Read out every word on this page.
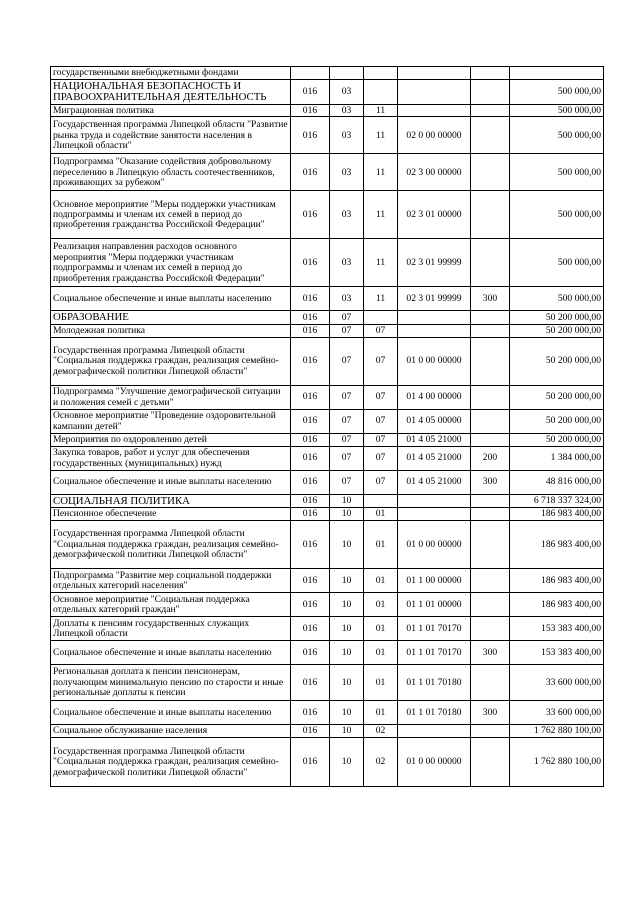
государственными внебюджетными фондами						
НАЦИОНАЛЬНАЯ БЕЗОПАСНОСТЬ И ПРАВООХРАНИТЕЛЬНАЯ ДЕЯТЕЛЬНОСТЬ	016	03				500 000,00
Миграционная политика	016	03	11			500 000,00
Государственная программа Липецкой области "Развитие рынка труда и содействие занятости населения в Липецкой области"	016	03	11	02 0 00 00000		500 000,00
Подпрограмма "Оказание содействия добровольному переселению в Липецкую область соотечественников, проживающих за рубежом"	016	03	11	02 3 00 00000		500 000,00
Основное мероприятие "Меры поддержки участникам подпрограммы и членам их семей в период до приобретения гражданства Российской Федерации"	016	03	11	02 3 01 00000		500 000,00
Реализация направления расходов основного мероприятия "Меры поддержки участникам подпрограммы и членам их семей в период до приобретения гражданства Российской Федерации"	016	03	11	02 3 01 99999		500 000,00
Социальное обеспечение и иные выплаты населению	016	03	11	02 3 01 99999	300	500 000,00
ОБРАЗОВАНИЕ	016	07				50 200 000,00
Молодежная политика	016	07	07			50 200 000,00
Государственная программа Липецкой области "Социальная поддержка граждан, реализация семейно-демографической политики Липецкой области"	016	07	07	01 0 00 00000		50 200 000,00
Подпрограмма "Улучшение демографической ситуации и положения семей с детьми"	016	07	07	01 4 00 00000		50 200 000,00
Основное мероприятие "Проведение оздоровительной кампании детей"	016	07	07	01 4 05 00000		50 200 000,00
Мероприятия по оздоровлению детей	016	07	07	01 4 05 21000		50 200 000,00
Закупка товаров, работ и услуг для обеспечения государственных (муниципальных) нужд	016	07	07	01 4 05 21000	200	1 384 000,00
Социальное обеспечение и иные выплаты населению	016	07	07	01 4 05 21000	300	48 816 000,00
СОЦИАЛЬНАЯ ПОЛИТИКА	016	10				6 718 337 324,00
Пенсионное обеспечение	016	10	01			186 983 400,00
Государственная программа Липецкой области "Социальная поддержка граждан, реализация семейно-демографической политики Липецкой области"	016	10	01	01 0 00 00000		186 983 400,00
Подпрограмма "Развитие мер социальной поддержки отдельных категорий населения"	016	10	01	01 1 00 00000		186 983 400,00
Основное мероприятие "Социальная поддержка отдельных категорий граждан"	016	10	01	01 1 01 00000		186 983 400,00
Доплаты к пенсиям государственных служащих Липецкой области	016	10	01	01 1 01 70170		153 383 400,00
Социальное обеспечение и иные выплаты населению	016	10	01	01 1 01 70170	300	153 383 400,00
Региональная доплата к пенсии пенсионерам, получающим минимальную пенсию по старости и иные региональные доплаты к пенсии	016	10	01	01 1 01 70180		33 600 000,00
Социальное обеспечение и иные выплаты населению	016	10	01	01 1 01 70180	300	33 600 000,00
Социальное обслуживание населения	016	10	02			1 762 880 100,00
Государственная программа Липецкой области "Социальная поддержка граждан, реализация семейно-демографической политики Липецкой области"	016	10	02	01 0 00 00000		1 762 880 100,00
